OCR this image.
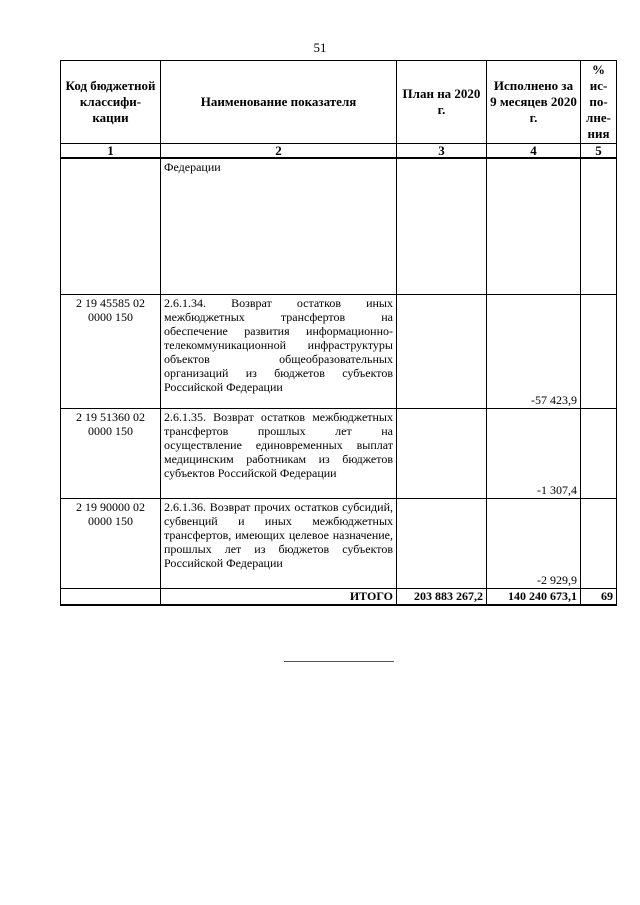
51
Код бюджетной классифи-кации	Наименование показателя	План на 2020 г.	Исполнено за 9 месяцев 2020 г.	% ис-по-лне-ния
1	2	3	4	5
	Федерации			
2 19 45585 02 0000 150	2.6.1.34. Возврат остатков иных межбюджетных трансфертов на обеспечение развития информационно-телекоммуникационной инфраструктуры объектов общеобразовательных организаций из бюджетов субъектов Российской Федерации		-57 423,9	
2 19 51360 02 0000 150	2.6.1.35. Возврат остатков межбюджетных трансфертов прошлых лет на осуществление единовременных выплат медицинским работникам из бюджетов субъектов Российской Федерации		-1 307,4	
2 19 90000 02 0000 150	2.6.1.36. Возврат прочих остатков субсидий, субвенций и иных межбюджетных трансфертов, имеющих целевое назначение, прошлых лет из бюджетов субъектов Российской Федерации		-2 929,9	
	ИТОГО	203 883 267,2	140 240 673,1	69
